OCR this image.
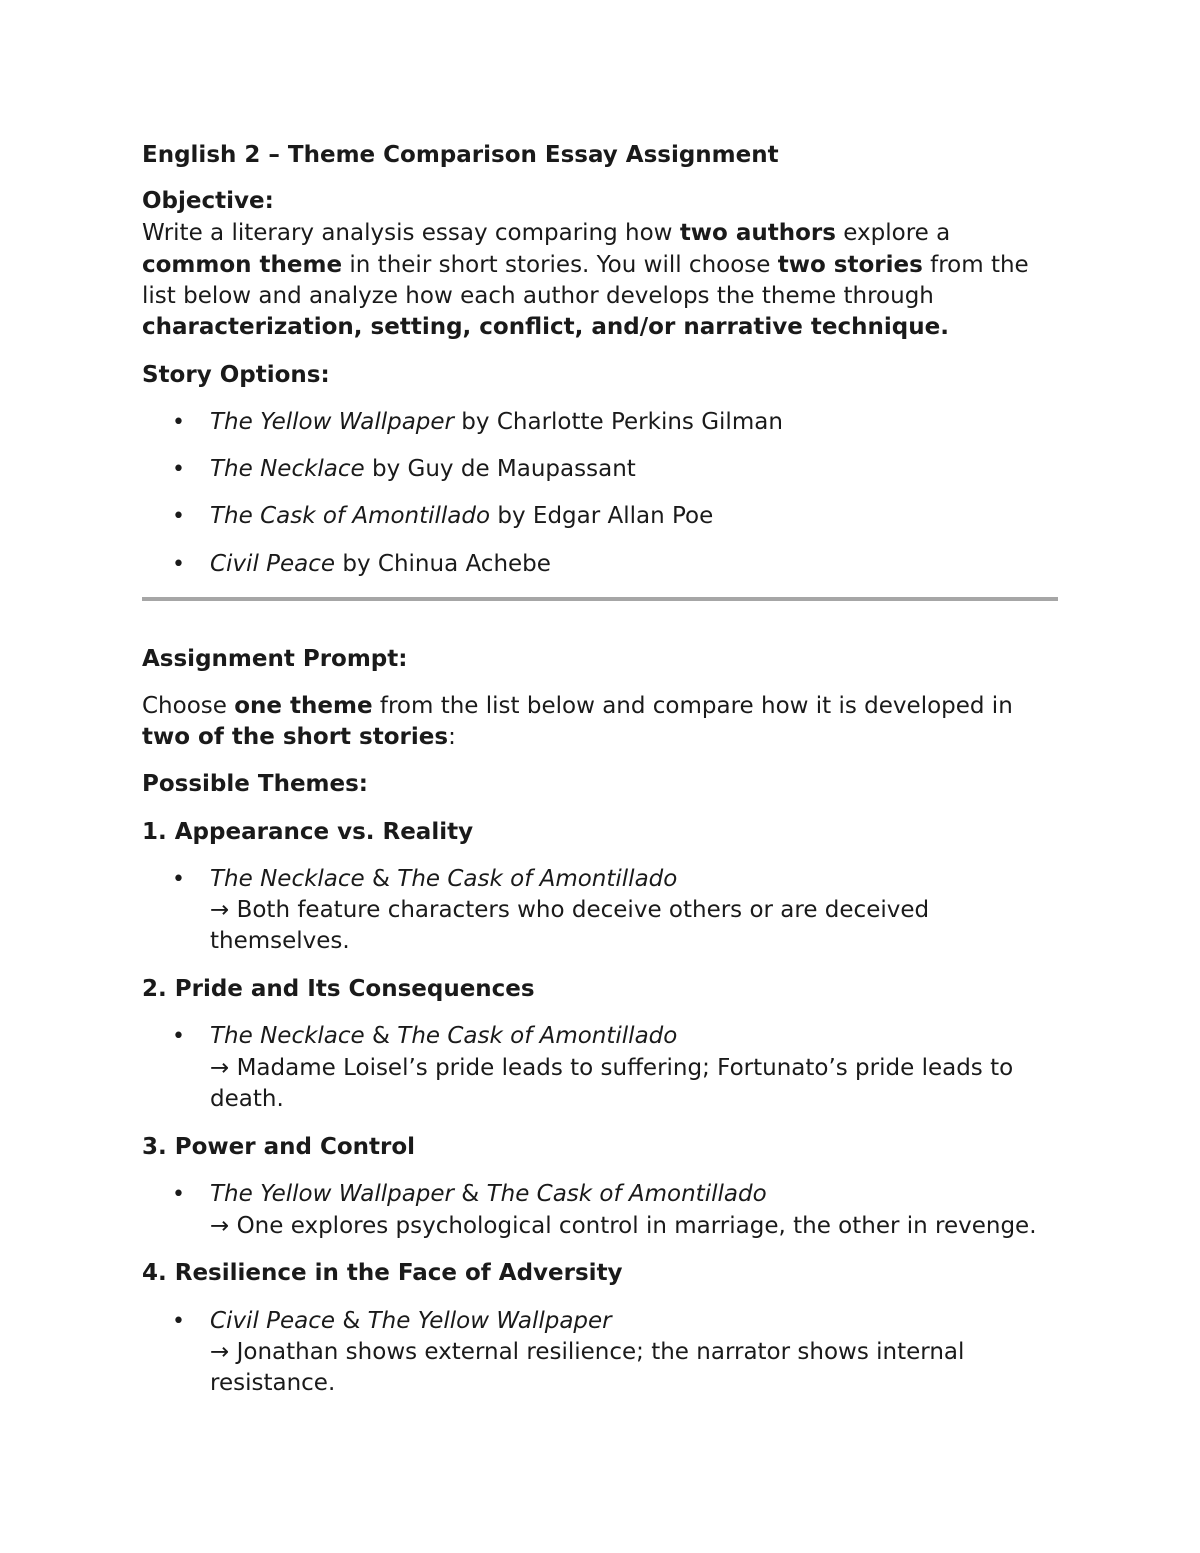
English 2 – Theme Comparison Essay Assignment

Objective:

Write a literary analysis essay comparing how two authors explore a

common theme in their short stories. You will choose two stories from the

list below and analyze how each author develops the theme through

characterization, setting, conflict, and/or narrative technique.

Story Options:

• The Yellow Wallpaper by Charlotte Perkins Gilman

• The Necklace by Guy de Maupassant

• The Cask of Amontillado by Edgar Allan Poe

• Civil Peace by Chinua Achebe

Assignment Prompt:

Choose one theme from the list below and compare how it is developed in

two of the short stories:

Possible Themes:

1. Appearance vs. Reality

• The Necklace & The Cask of Amontillado

→ Both feature characters who deceive others or are deceived

themselves.

2. Pride and Its Consequences

• The Necklace & The Cask of Amontillado

→ Madame Loisel’s pride leads to suffering; Fortunato’s pride leads to

death.

3. Power and Control

• The Yellow Wallpaper & The Cask of Amontillado

→ One explores psychological control in marriage, the other in revenge.

4. Resilience in the Face of Adversity

• Civil Peace & The Yellow Wallpaper

→ Jonathan shows external resilience; the narrator shows internal

resistance.
